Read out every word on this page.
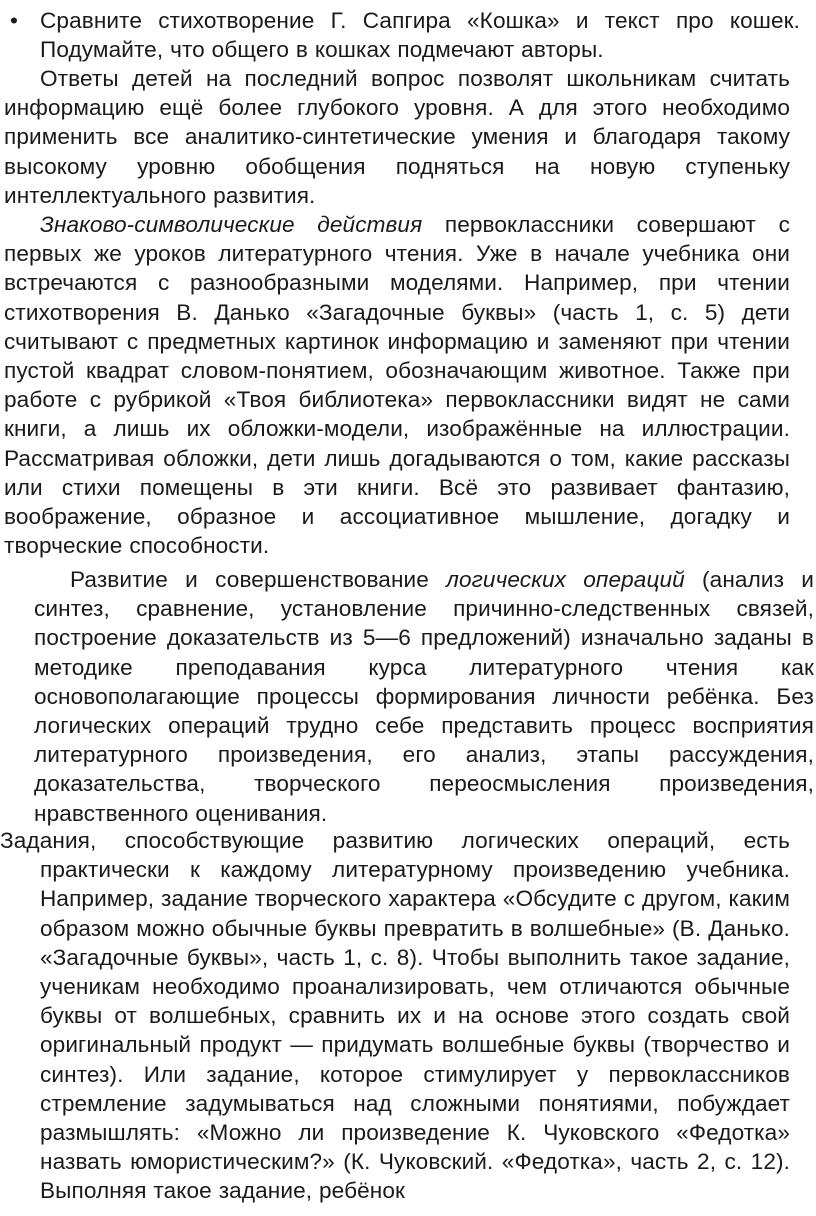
• Сравните стихотворение Г. Сапгира «Кошка» и текст про кошек. Подумайте, что общего в кошках подмечают авторы.

Ответы детей на последний вопрос позволят школьникам считать информацию ещё более глубокого уровня. А для этого необходимо применить все аналитико-синтетические умения и благодаря такому высокому уровню обобщения подняться на новую ступеньку интеллектуального развития.

Знаково-символические действия первоклассники совершают с первых же уроков литературного чтения. Уже в начале учебника они встречаются с разнообразными моделями. Например, при чтении стихотворения В. Данько «Загадочные буквы» (часть 1, с. 5) дети считывают с предметных картинок информацию и заменяют при чтении пустой квадрат словом-понятием, обозначающим животное. Также при работе с рубрикой «Твоя библиотека» первоклассники видят не сами книги, а лишь их обложки-модели, изображённые на иллюстрации. Рассматривая обложки, дети лишь догадываются о том, какие рассказы или стихи помещены в эти книги. Всё это развивает фантазию, воображение, образное и ассоциативное мышление, догадку и творческие способности.

Развитие и совершенствование логических операций (анализ и синтез, сравнение, установление причинно-следственных связей, построение доказательств из 5—6 предложений) изначально заданы в методике преподавания курса литературного чтения как основополагающие процессы формирования личности ребёнка. Без логических операций трудно себе представить процесс восприятия литературного произведения, его анализ, этапы рассуждения, доказательства, творческого переосмысления произведения, нравственного оценивания.

Задания, способствующие развитию логических операций, есть практически к каждому литературному произведению учебника. Например, задание творческого характера «Обсудите с другом, каким образом можно обычные буквы превратить в волшебные» (В. Данько. «Загадочные буквы», часть 1, с. 8). Чтобы выполнить такое задание, ученикам необходимо проанализировать, чем отличаются обычные буквы от волшебных, сравнить их и на основе этого создать свой оригинальный продукт — придумать волшебные буквы (творчество и синтез). Или задание, которое стимулирует у первоклассников стремление задумываться над сложными понятиями, побуждает размышлять: «Можно ли произведение К. Чуковского «Федотка» назвать юмористическим?» (К. Чуковский. «Федотка», часть 2, с. 12). Выполняя такое задание, ребёнок
